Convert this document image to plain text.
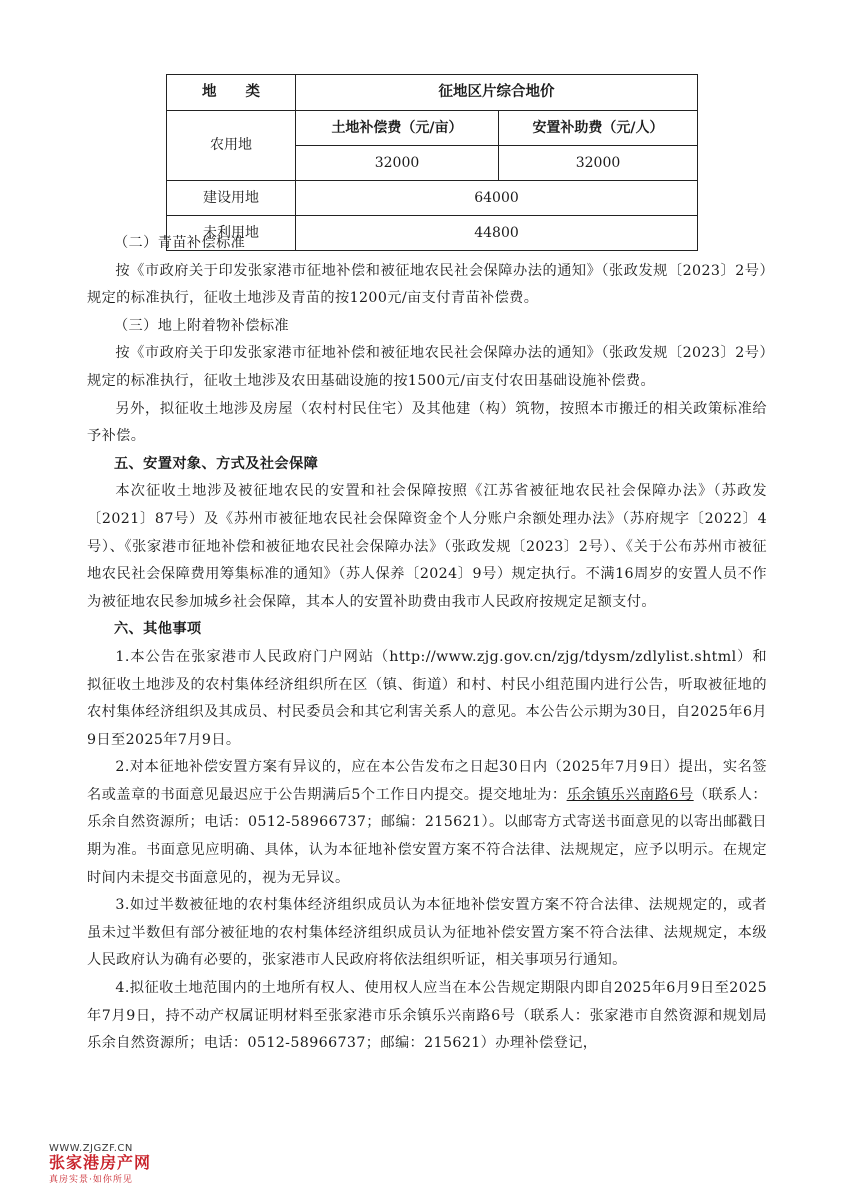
地　　类	征地区片综合地价	
农用地	土地补偿费（元/亩）	安置补助费（元/人）
	32000	32000
建设用地	64000	
未利用地	44800	

（二）青苗补偿标准

按《市政府关于印发张家港市征地补偿和被征地农民社会保障办法的通知》（张政发规〔2023〕2号）规定的标准执行，征收土地涉及青苗的按1200元/亩支付青苗补偿费。

（三）地上附着物补偿标准

按《市政府关于印发张家港市征地补偿和被征地农民社会保障办法的通知》（张政发规〔2023〕2号）规定的标准执行，征收土地涉及农田基础设施的按1500元/亩支付农田基础设施补偿费。

另外，拟征收土地涉及房屋（农村村民住宅）及其他建（构）筑物，按照本市搬迁的相关政策标准给予补偿。

五、安置对象、方式及社会保障

本次征收土地涉及被征地农民的安置和社会保障按照《江苏省被征地农民社会保障办法》（苏政发〔2021〕87号）及《苏州市被征地农民社会保障资金个人分账户余额处理办法》（苏府规字〔2022〕4号）、《张家港市征地补偿和被征地农民社会保障办法》（张政发规〔2023〕2号）、《关于公布苏州市被征地农民社会保障费用筹集标准的通知》（苏人保养〔2024〕9号）规定执行。不满16周岁的安置人员不作为被征地农民参加城乡社会保障，其本人的安置补助费由我市人民政府按规定足额支付。

六、其他事项

1.本公告在张家港市人民政府门户网站（http://www.zjg.gov.cn/zjg/tdysm/zdlylist.shtml）和拟征收土地涉及的农村集体经济组织所在区（镇、街道）和村、村民小组范围内进行公告，听取被征地的农村集体经济组织及其成员、村民委员会和其它利害关系人的意见。本公告公示期为30日，自2025年6月9日至2025年7月9日。

2.对本征地补偿安置方案有异议的，应在本公告发布之日起30日内（2025年7月9日）提出，实名签名或盖章的书面意见最迟应于公告期满后5个工作日内提交。提交地址为：乐余镇乐兴南路6号（联系人：乐余自然资源所；电话：0512-58966737；邮编：215621）。以邮寄方式寄送书面意见的以寄出邮戳日期为准。书面意见应明确、具体，认为本征地补偿安置方案不符合法律、法规规定，应予以明示。在规定时间内未提交书面意见的，视为无异议。

3.如过半数被征地的农村集体经济组织成员认为本征地补偿安置方案不符合法律、法规规定的，或者虽未过半数但有部分被征地的农村集体经济组织成员认为征地补偿安置方案不符合法律、法规规定，本级人民政府认为确有必要的，张家港市人民政府将依法组织听证，相关事项另行通知。

4.拟征收土地范围内的土地所有权人、使用权人应当在本公告规定期限内即自2025年6月9日至2025年7月9日，持不动产权属证明材料至张家港市乐余镇乐兴南路6号（联系人：张家港市自然资源和规划局乐余自然资源所；电话：0512-58966737；邮编：215621）办理补偿登记，

WWW.ZJGZF.CN
张家港房产网
真房实景·如你所见
